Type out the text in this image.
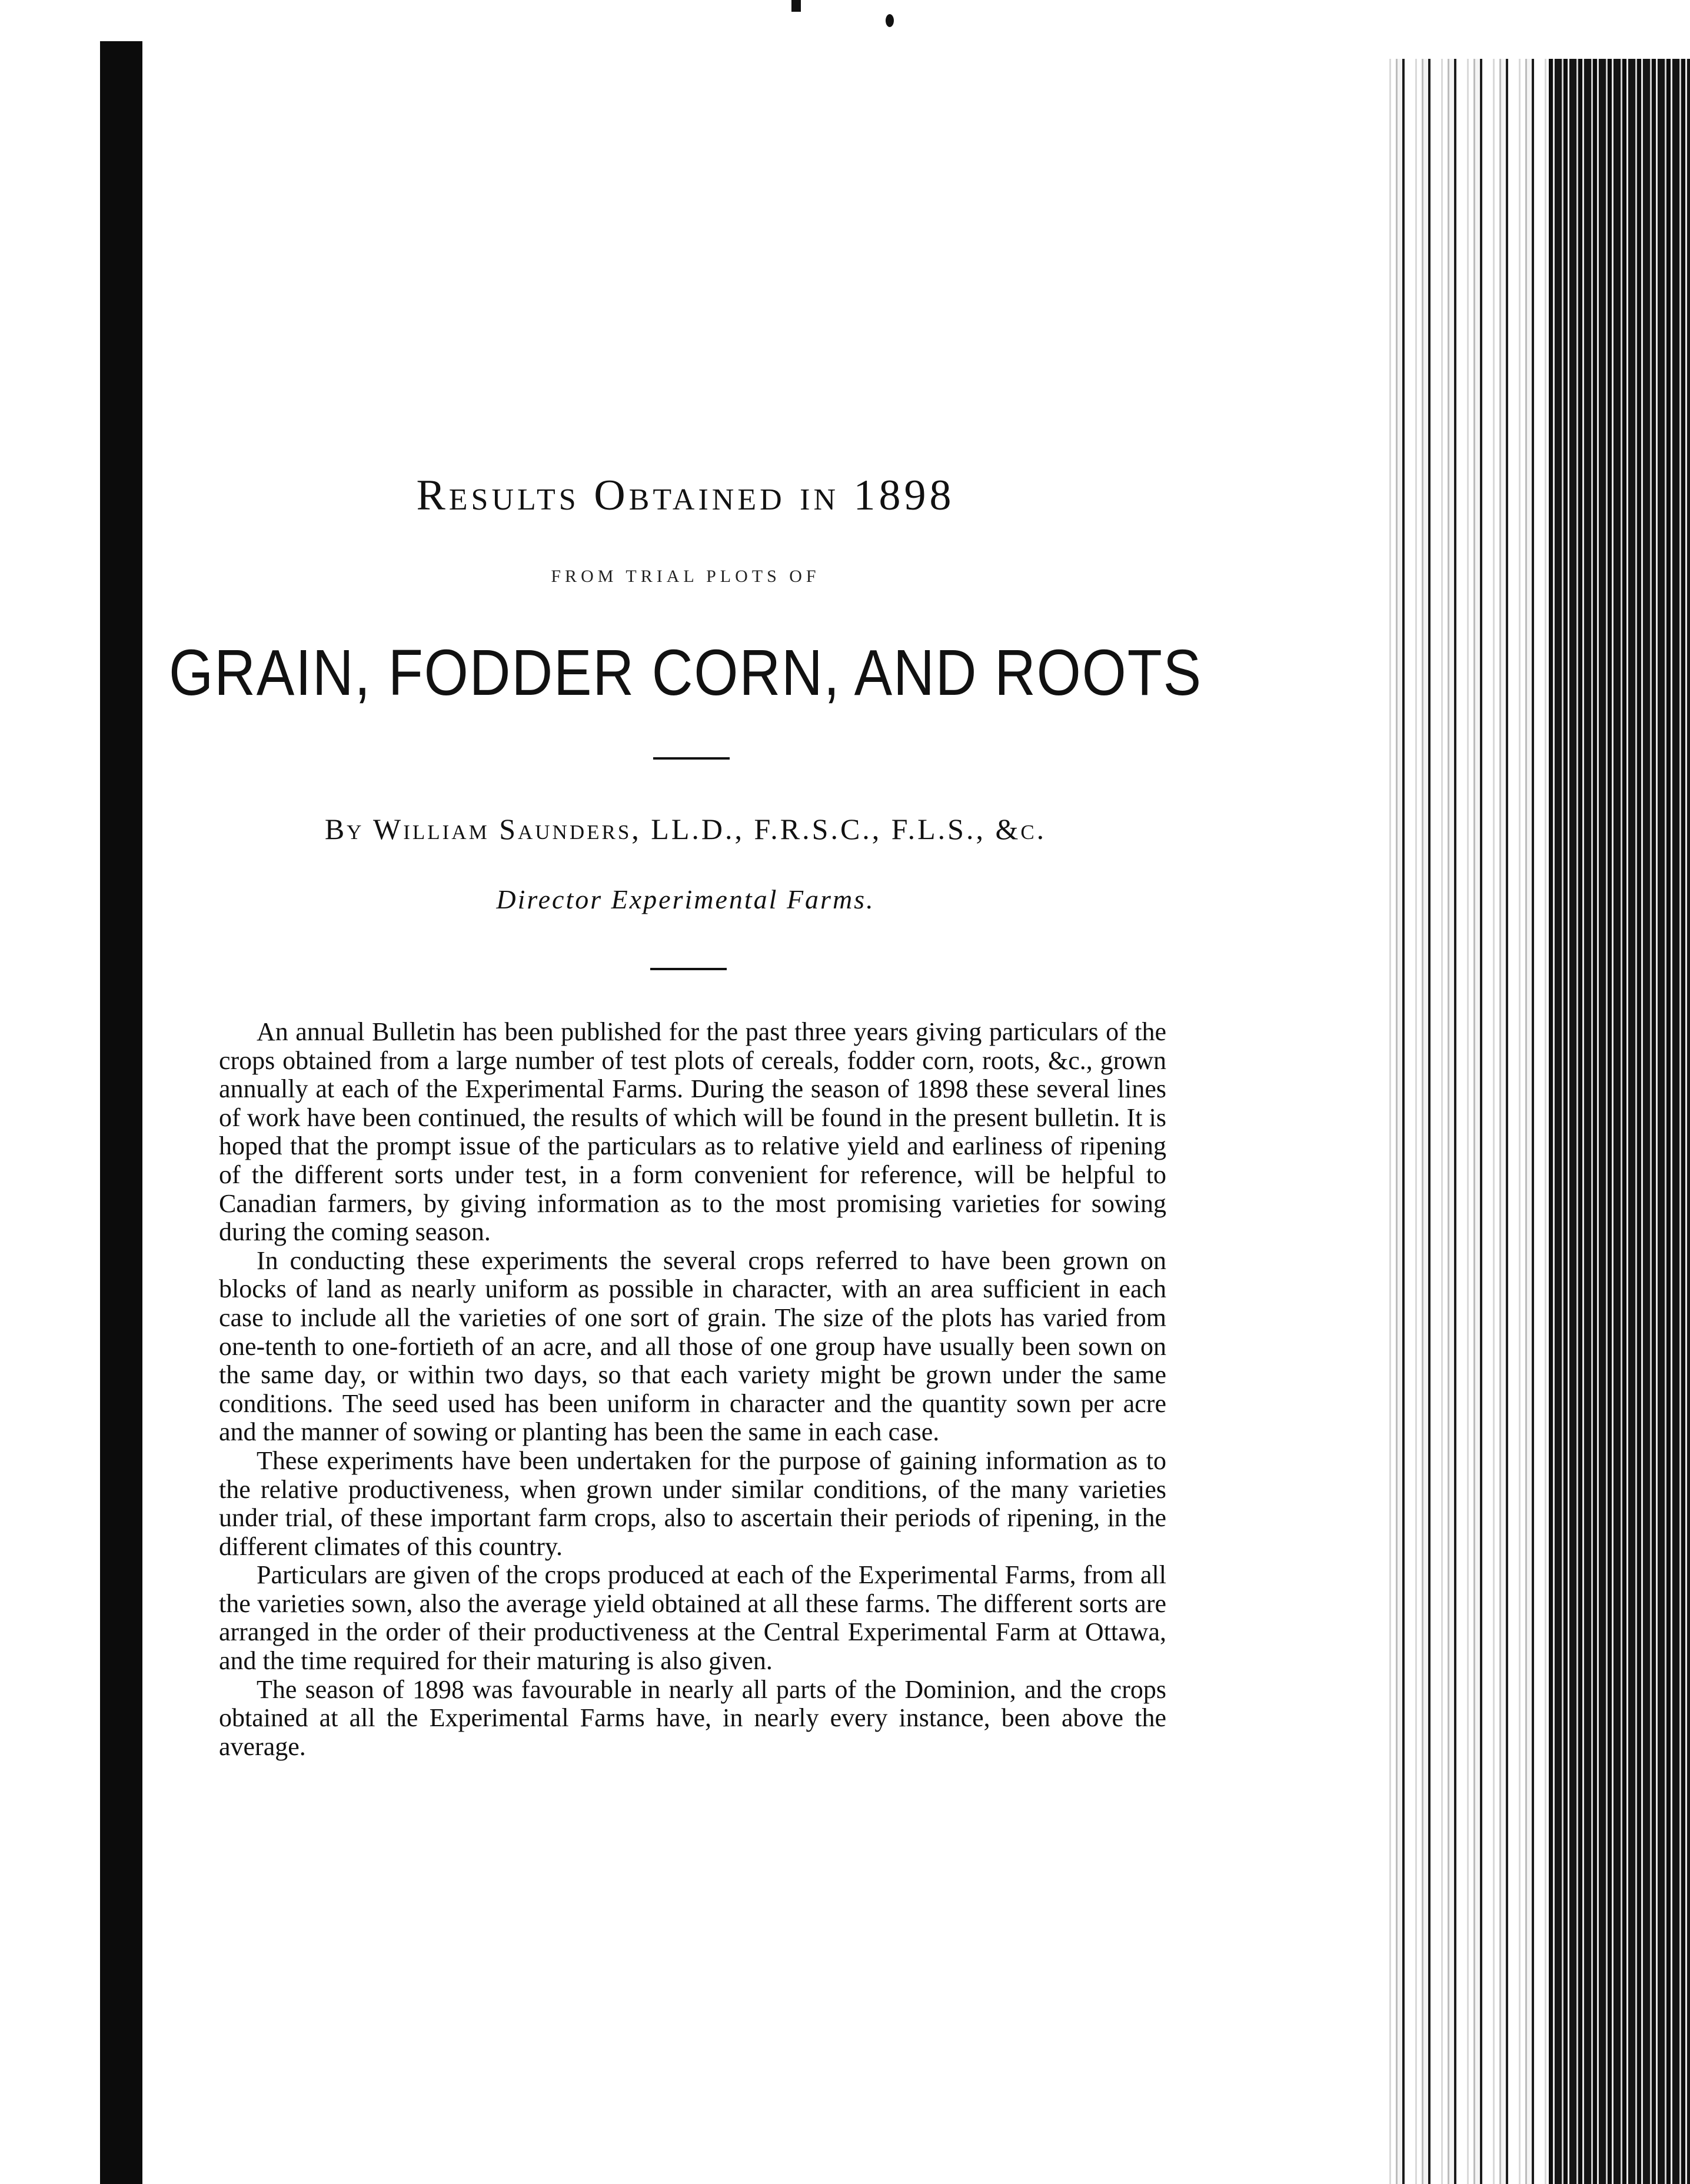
Results Obtained in 1898
FROM TRIAL PLOTS OF
GRAIN, FODDER CORN, AND ROOTS
By William Saunders, LL.D., F.R.S.C., F.L.S., &c.
Director Experimental Farms.

An annual Bulletin has been published for the past three years giving particulars of the crops obtained from a large number of test plots of cereals, fodder corn, roots, &c., grown annually at each of the Experimental Farms. During the season of 1898 these several lines of work have been continued, the results of which will be found in the present bulletin. It is hoped that the prompt issue of the particulars as to relative yield and earliness of ripening of the different sorts under test, in a form convenient for reference, will be helpful to Canadian farmers, by giving information as to the most promising varieties for sowing during the coming season.

In conducting these experiments the several crops referred to have been grown on blocks of land as nearly uniform as possible in character, with an area sufficient in each case to include all the varieties of one sort of grain. The size of the plots has varied from one-tenth to one-fortieth of an acre, and all those of one group have usually been sown on the same day, or within two days, so that each variety might be grown under the same conditions. The seed used has been uniform in character and the quantity sown per acre and the manner of sowing or planting has been the same in each case.

These experiments have been undertaken for the purpose of gaining information as to the relative productiveness, when grown under similar conditions, of the many varieties under trial, of these important farm crops, also to ascertain their periods of ripening, in the different climates of this country.

Particulars are given of the crops produced at each of the Experimental Farms, from all the varieties sown, also the average yield obtained at all these farms. The different sorts are arranged in the order of their productiveness at the Central Experimental Farm at Ottawa, and the time required for their maturing is also given.

The season of 1898 was favourable in nearly all parts of the Dominion, and the crops obtained at all the Experimental Farms have, in nearly every instance, been above the average.
